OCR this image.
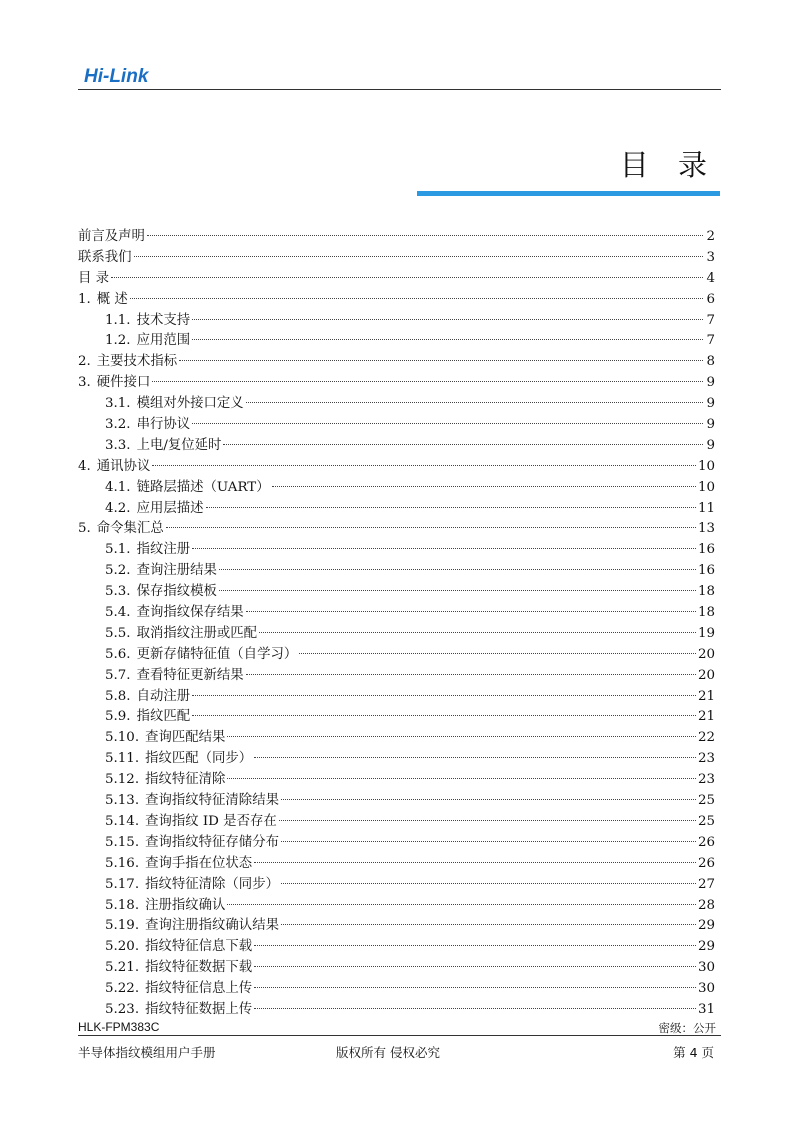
Hi-Link
目 录
前言及声明	2
联系我们	3
目 录	4
1. 概 述	6
1.1. 技术支持	7
1.2. 应用范围	7
2. 主要技术指标	8
3. 硬件接口	9
3.1. 模组对外接口定义	9
3.2. 串行协议	9
3.3. 上电/复位延时	9
4. 通讯协议	10
4.1. 链路层描述（UART）	10
4.2. 应用层描述	11
5. 命令集汇总	13
5.1. 指纹注册	16
5.2. 查询注册结果	16
5.3. 保存指纹模板	18
5.4. 查询指纹保存结果	18
5.5. 取消指纹注册或匹配	19
5.6. 更新存储特征值（自学习）	20
5.7. 查看特征更新结果	20
5.8. 自动注册	21
5.9. 指纹匹配	21
5.10. 查询匹配结果	22
5.11. 指纹匹配（同步）	23
5.12. 指纹特征清除	23
5.13. 查询指纹特征清除结果	25
5.14. 查询指纹 ID 是否存在	25
5.15. 查询指纹特征存储分布	26
5.16. 查询手指在位状态	26
5.17. 指纹特征清除（同步）	27
5.18. 注册指纹确认	28
5.19. 查询注册指纹确认结果	29
5.20. 指纹特征信息下载	29
5.21. 指纹特征数据下载	30
5.22. 指纹特征信息上传	30
5.23. 指纹特征数据上传	31
HLK-FPM383C	密级：公开
半导体指纹模组用户手册	版权所有 侵权必究	第 4 页
